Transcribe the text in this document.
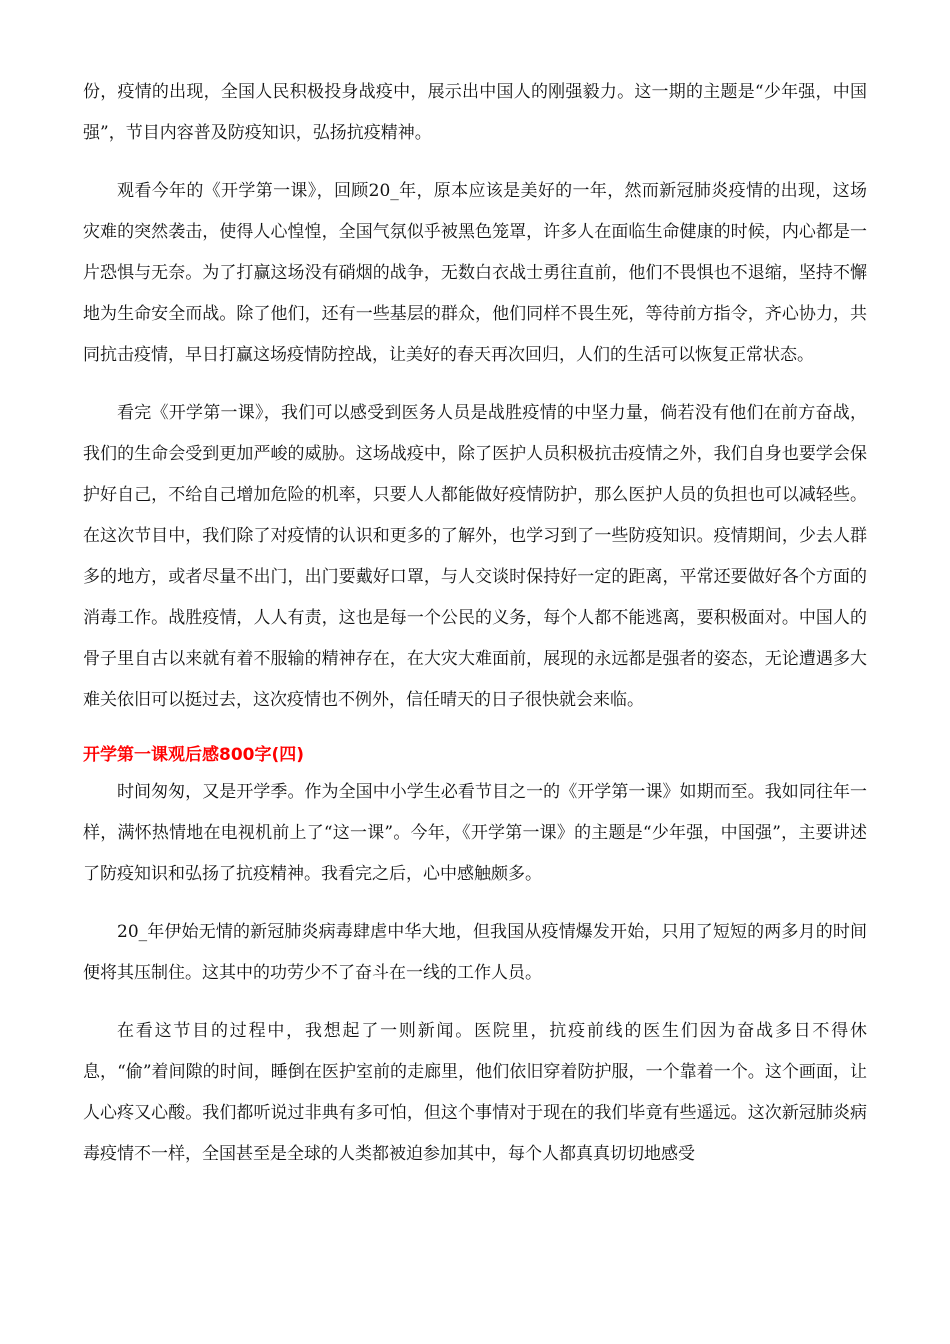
份，疫情的出现，全国人民积极投身战疫中，展示出中国人的刚强毅力。这一期的主题是“少年强，中国强”，节目内容普及防疫知识，弘扬抗疫精神。

观看今年的《开学第一课》，回顾20_年，原本应该是美好的一年，然而新冠肺炎疫情的出现，这场灾难的突然袭击，使得人心惶惶，全国气氛似乎被黑色笼罩，许多人在面临生命健康的时候，内心都是一片恐惧与无奈。为了打赢这场没有硝烟的战争，无数白衣战士勇往直前，他们不畏惧也不退缩，坚持不懈地为生命安全而战。除了他们，还有一些基层的群众，他们同样不畏生死，等待前方指令，齐心协力，共同抗击疫情，早日打赢这场疫情防控战，让美好的春天再次回归，人们的生活可以恢复正常状态。

看完《开学第一课》，我们可以感受到医务人员是战胜疫情的中坚力量，倘若没有他们在前方奋战，我们的生命会受到更加严峻的威胁。这场战疫中，除了医护人员积极抗击疫情之外，我们自身也要学会保护好自己，不给自己增加危险的机率，只要人人都能做好疫情防护，那么医护人员的负担也可以减轻些。在这次节目中，我们除了对疫情的认识和更多的了解外，也学习到了一些防疫知识。疫情期间，少去人群多的地方，或者尽量不出门，出门要戴好口罩，与人交谈时保持好一定的距离，平常还要做好各个方面的消毒工作。战胜疫情，人人有责，这也是每一个公民的义务，每个人都不能逃离，要积极面对。中国人的骨子里自古以来就有着不服输的精神存在，在大灾大难面前，展现的永远都是强者的姿态，无论遭遇多大难关依旧可以挺过去，这次疫情也不例外，信任晴天的日子很快就会来临。

开学第一课观后感800字(四)

时间匆匆，又是开学季。作为全国中小学生必看节目之一的《开学第一课》如期而至。我如同往年一样，满怀热情地在电视机前上了“这一课”。今年，《开学第一课》的主题是“少年强，中国强”，主要讲述了防疫知识和弘扬了抗疫精神。我看完之后，心中感触颇多。

20_年伊始无情的新冠肺炎病毒肆虐中华大地，但我国从疫情爆发开始，只用了短短的两多月的时间便将其压制住。这其中的功劳少不了奋斗在一线的工作人员。

在看这节目的过程中，我想起了一则新闻。医院里，抗疫前线的医生们因为奋战多日不得休息，“偷”着间隙的时间，睡倒在医护室前的走廊里，他们依旧穿着防护服，一个靠着一个。这个画面，让人心疼又心酸。我们都听说过非典有多可怕，但这个事情对于现在的我们毕竟有些遥远。这次新冠肺炎病毒疫情不一样，全国甚至是全球的人类都被迫参加其中，每个人都真真切切地感受
